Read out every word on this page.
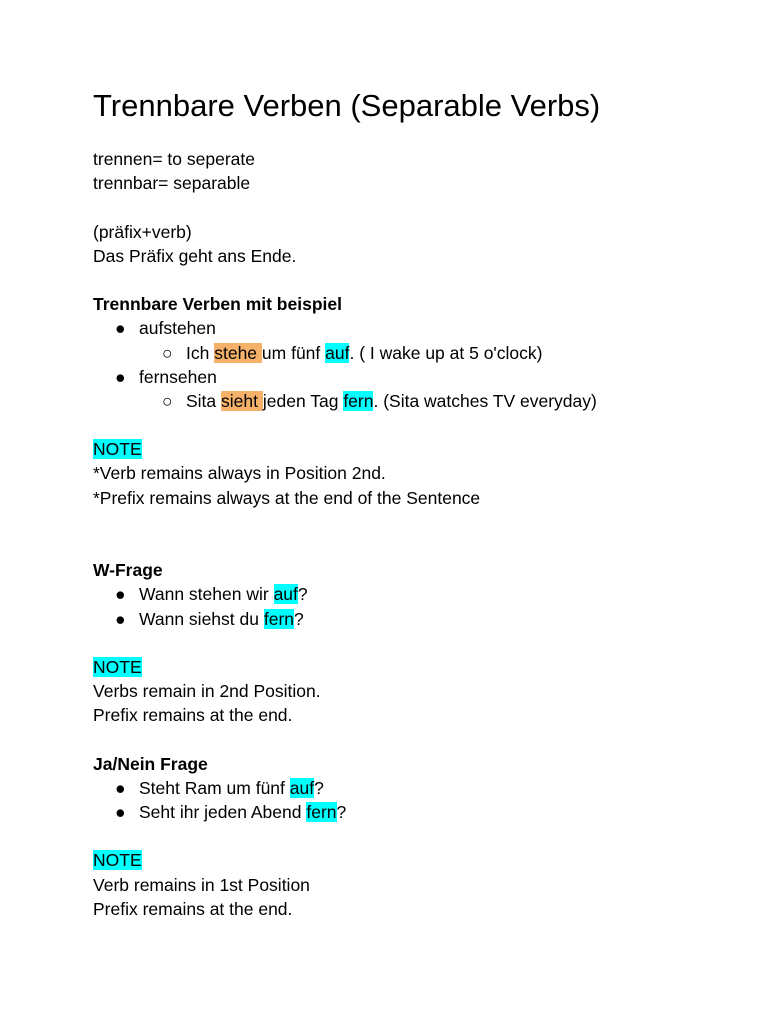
Trennbare Verben (Separable Verbs)
trennen= to seperate
trennbar= separable
(präfix+verb)
Das Präfix geht ans Ende.
Trennbare Verben mit beispiel
● aufstehen
○ Ich stehe um fünf auf. ( I wake up at 5 o'clock)
● fernsehen
○ Sita sieht jeden Tag fern. (Sita watches TV everyday)
NOTE
*Verb remains always in Position 2nd.
*Prefix remains always at the end of the Sentence
W-Frage
● Wann stehen wir auf?
● Wann siehst du fern?
NOTE
Verbs remain in 2nd Position.
Prefix remains at the end.
Ja/Nein Frage
● Steht Ram um fünf auf?
● Seht ihr jeden Abend fern?
NOTE
Verb remains in 1st Position
Prefix remains at the end.
